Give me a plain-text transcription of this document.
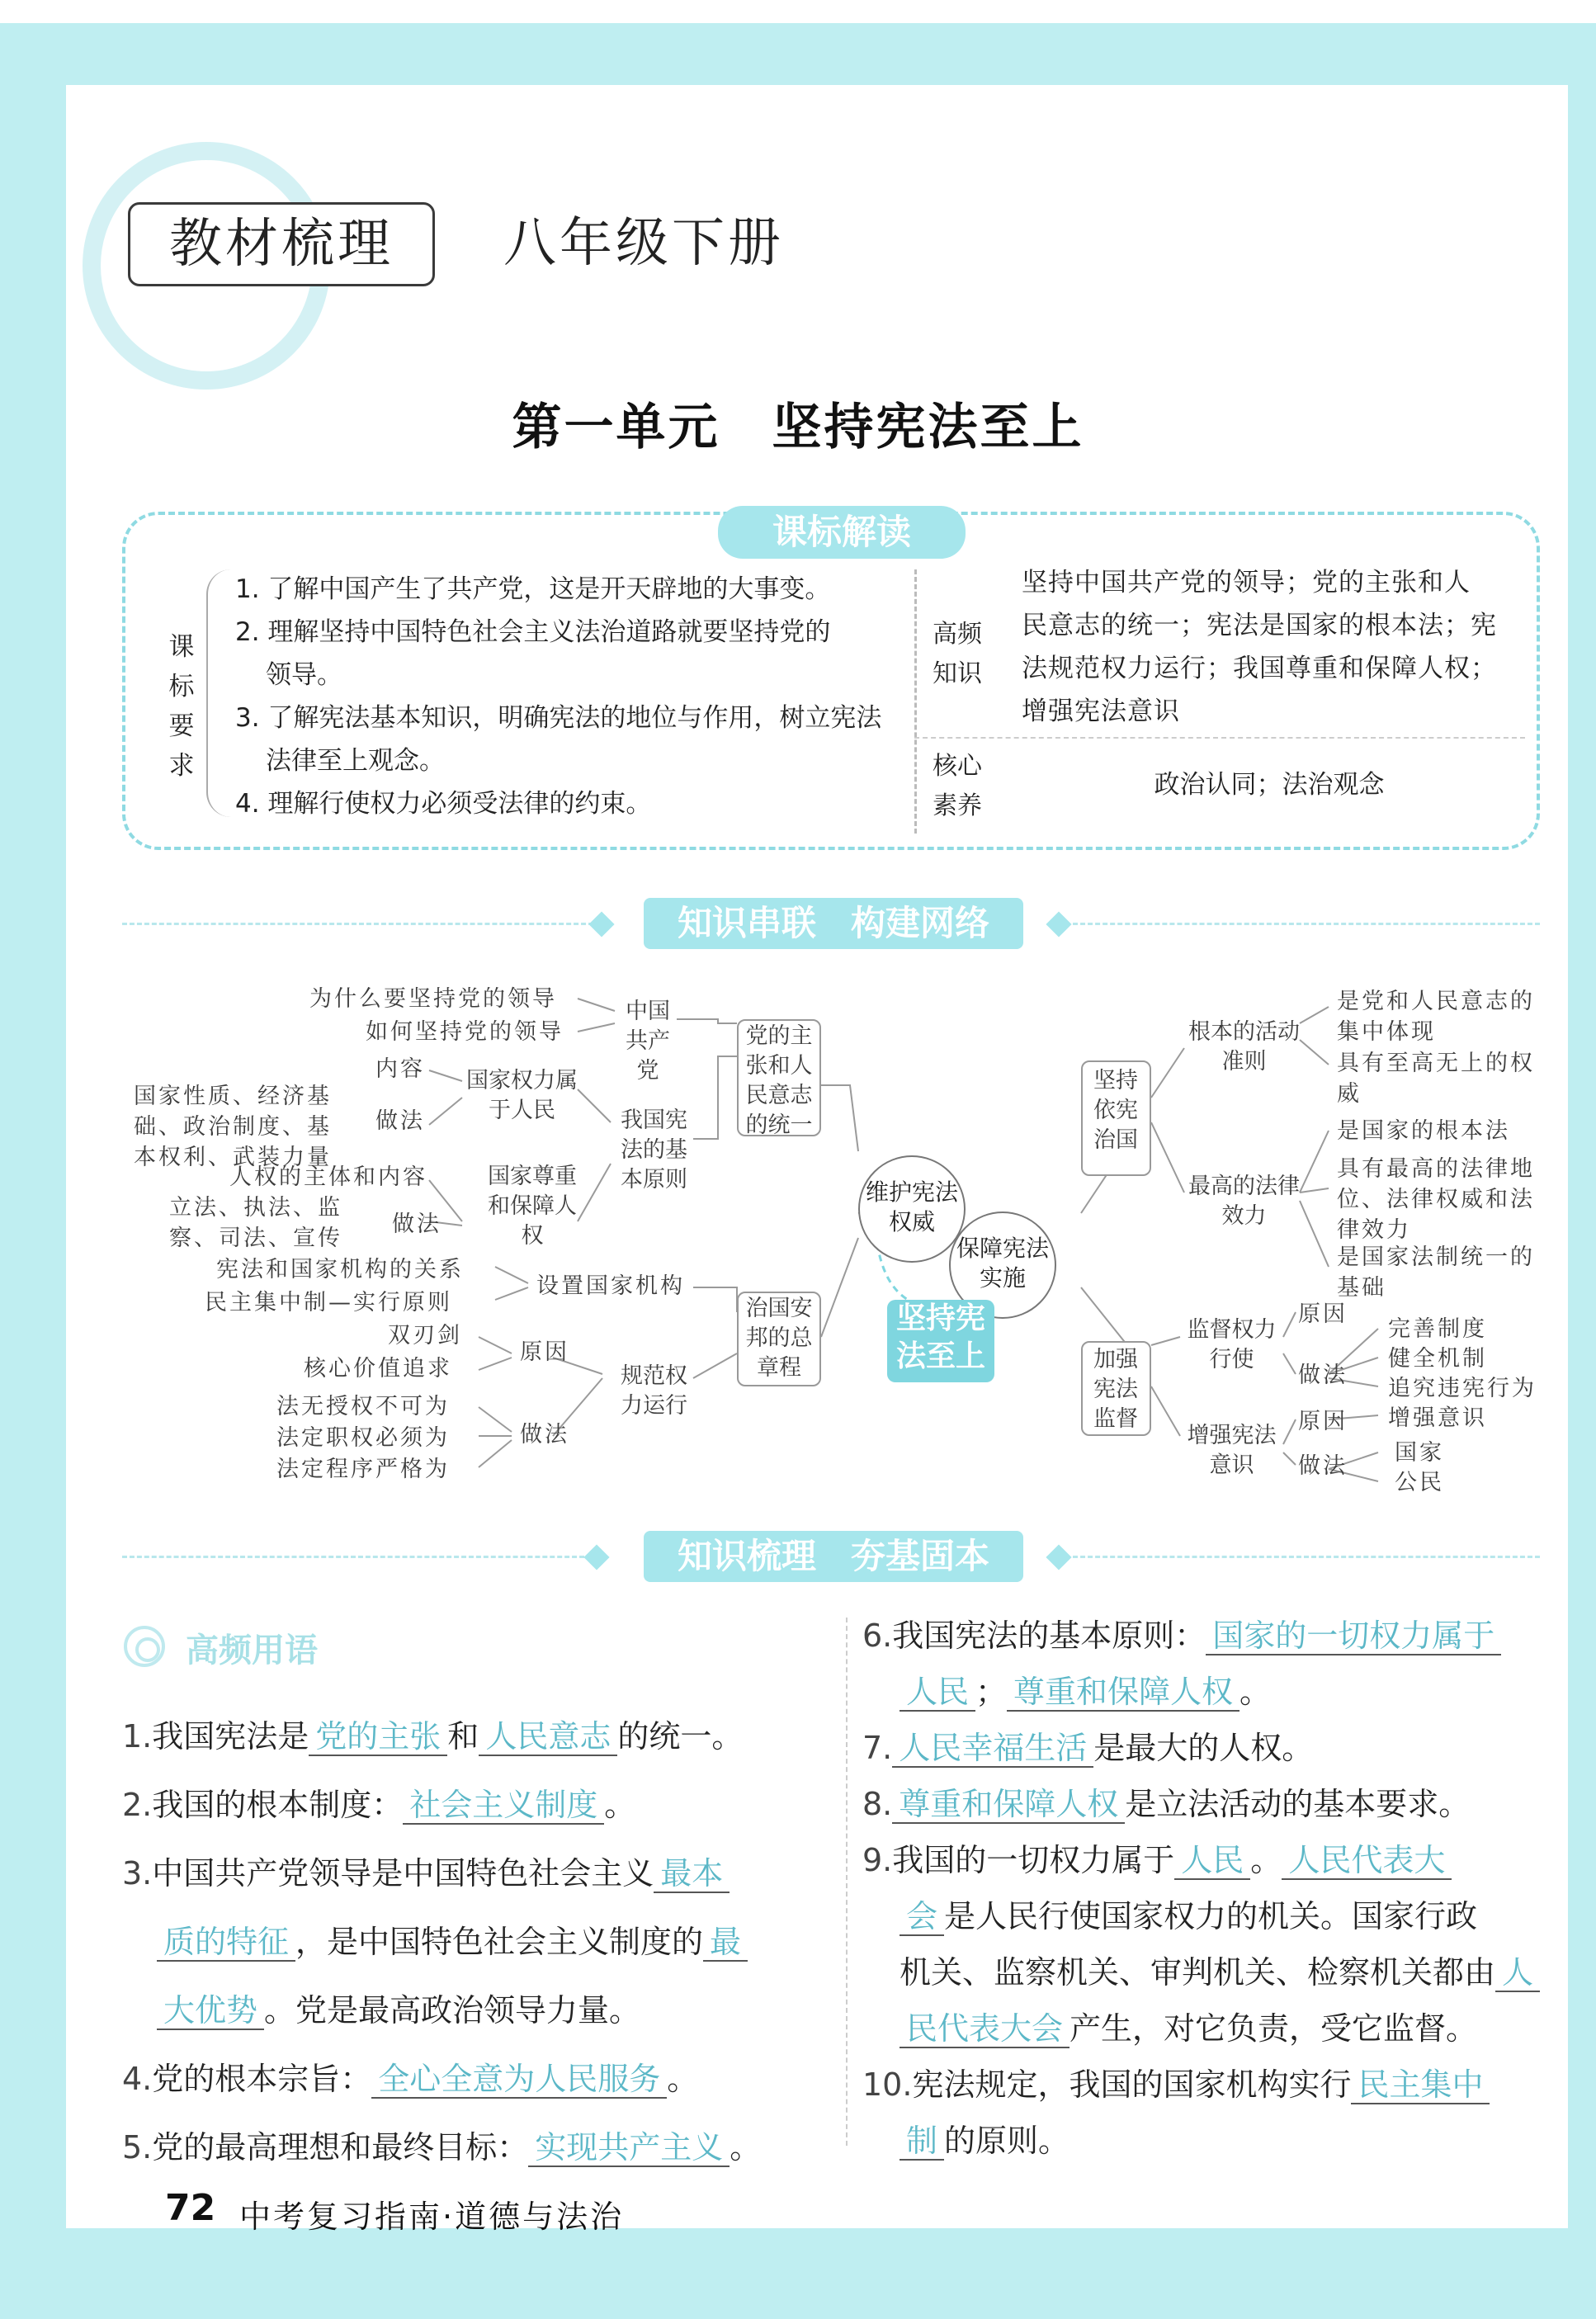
教材梳理	八年级下册
第一单元　坚持宪法至上
课标解读
课标要求
1. 了解中国产生了共产党，这是开天辟地的大事变。
2. 理解坚持中国特色社会主义法治道路就要坚持党的
领导。
3. 了解宪法基本知识，明确宪法的地位与作用，树立宪法
法律至上观念。
4. 理解行使权力必须受法律的约束。
高频知识
坚持中国共产党的领导；党的主张和人
民意志的统一；宪法是国家的根本法；宪
法规范权力运行；我国尊重和保障人权；
增强宪法意识
核心素养
政治认同；法治观念
知识串联　构建网络
为什么要坚持党的领导
如何坚持党的领导
中国共产党
党的主张和人民意志的统一
内容 国家权力属于人民
国家性质、经济基础、政治制度、基本权利、武装力量
做法	我国宪法的基本原则
人权的主体和内容	国家尊重和保障人权
立法、执法、监察、司法、宣传
做法
宪法和国家机构的关系
民主集中制—实行原则
设置国家机构
治国安邦的总章程
双刃剑
核心价值追求
原因
规范权力运行
法无授权不可为
法定职权必须为
法定程序严格为
做法
维护宪法权威
保障宪法实施
坚持宪法至上
坚持依宪治国
根本的活动准则
是党和人民意志的集中体现
具有至高无上的权威
最高的法律效力
是国家的根本法
具有最高的法律地位、法律权威和法律效力
是国家法制统一的基础
加强宪法监督
监督权力行使
原因
做法
完善制度
健全机制
追究违宪行为
增强宪法意识
原因
做法
增强意识
国家
公民
知识梳理　夯基固本
高频用语
1.我国宪法是 党的主张 和 人民意志 的统一。
2.我国的根本制度： 社会主义制度 。
3.中国共产党领导是中国特色社会主义 最本
质的特征 ，是中国特色社会主义制度的 最
大优势 。党是最高政治领导力量。
4.党的根本宗旨： 全心全意为人民服务 。
5.党的最高理想和最终目标： 实现共产主义 。
6.我国宪法的基本原则： 国家的一切权力属于
人民 ； 尊重和保障人权 。
7. 人民幸福生活 是最大的人权。
8. 尊重和保障人权 是立法活动的基本要求。
9.我国的一切权力属于 人民 。 人民代表大
会 是人民行使国家权力的机关。国家行政
机关、监察机关、审判机关、检察机关都由 人
民代表大会 产生，对它负责，受它监督。
10.宪法规定，我国的国家机构实行 民主集中
制 的原则。
72 中考复习指南·道德与法治
